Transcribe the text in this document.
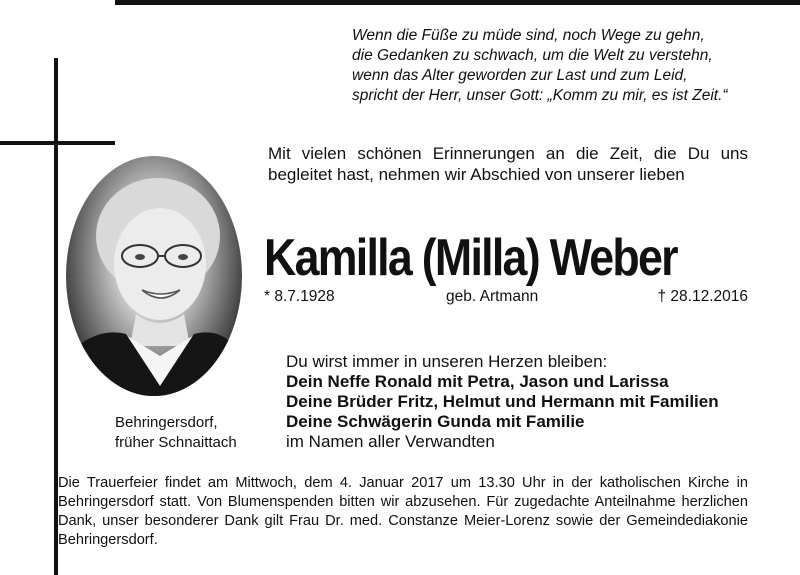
Wenn die Füße zu müde sind, noch Wege zu gehn,
die Gedanken zu schwach, um die Welt zu verstehn,
wenn das Alter geworden zur Last und zum Leid,
spricht der Herr, unser Gott: „Komm zu mir, es ist Zeit.“
Mit vielen schönen Erinnerungen an die Zeit, die Du uns begleitet hast, nehmen wir Abschied von unserer lieben
Kamilla (Milla) Weber
* 8.7.1928	geb. Artmann	† 28.12.2016
Du wirst immer in unseren Herzen bleiben:
Dein Neffe Ronald mit Petra, Jason und Larissa
Deine Brüder Fritz, Helmut und Hermann mit Familien
Deine Schwägerin Gunda mit Familie
im Namen aller Verwandten
Behringersdorf,
früher Schnaittach
Die Trauerfeier findet am Mittwoch, dem 4. Januar 2017 um 13.30 Uhr in der katholischen Kirche in Behringersdorf statt. Von Blumenspenden bitten wir abzusehen. Für zugedachte Anteilnahme herzlichen Dank, unser besonderer Dank gilt Frau Dr. med. Constanze Meier-Lorenz sowie der Gemeindediakonie Behringersdorf.
